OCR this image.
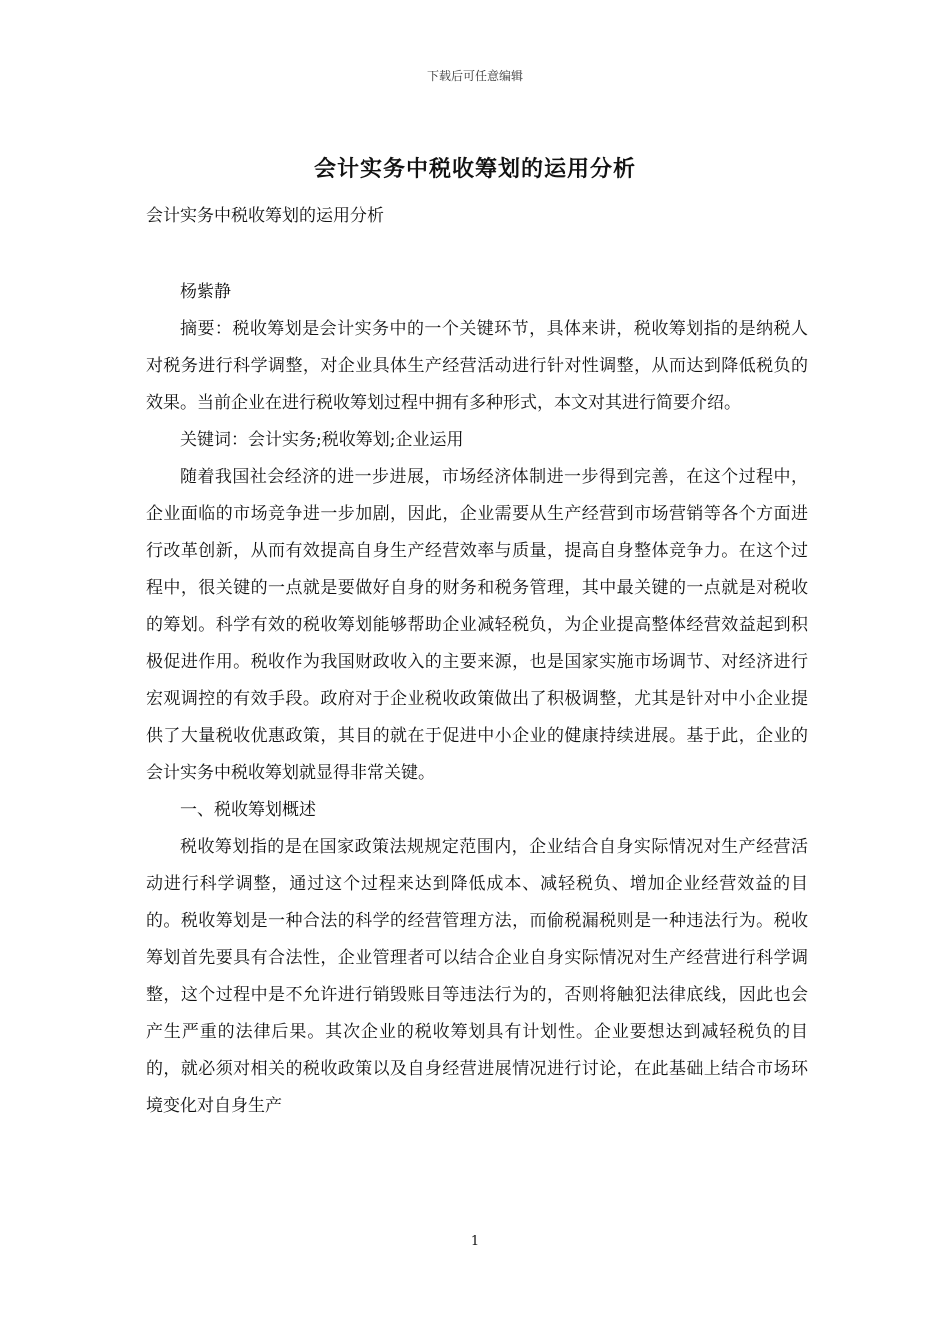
下载后可任意编辑
会计实务中税收筹划的运用分析
会计实务中税收筹划的运用分析

杨紫静

摘要：税收筹划是会计实务中的一个关键环节，具体来讲，税收筹划指的是纳税人对税务进行科学调整，对企业具体生产经营活动进行针对性调整，从而达到降低税负的效果。当前企业在进行税收筹划过程中拥有多种形式，本文对其进行简要介绍。

关键词：会计实务;税收筹划;企业运用

随着我国社会经济的进一步进展，市场经济体制进一步得到完善，在这个过程中，企业面临的市场竞争进一步加剧，因此，企业需要从生产经营到市场营销等各个方面进行改革创新，从而有效提高自身生产经营效率与质量，提高自身整体竞争力。在这个过程中，很关键的一点就是要做好自身的财务和税务管理，其中最关键的一点就是对税收的筹划。科学有效的税收筹划能够帮助企业减轻税负，为企业提高整体经营效益起到积极促进作用。税收作为我国财政收入的主要来源，也是国家实施市场调节、对经济进行宏观调控的有效手段。政府对于企业税收政策做出了积极调整，尤其是针对中小企业提供了大量税收优惠政策，其目的就在于促进中小企业的健康持续进展。基于此，企业的会计实务中税收筹划就显得非常关键。

一、税收筹划概述

税收筹划指的是在国家政策法规规定范围内，企业结合自身实际情况对生产经营活动进行科学调整，通过这个过程来达到降低成本、减轻税负、增加企业经营效益的目的。税收筹划是一种合法的科学的经营管理方法，而偷税漏税则是一种违法行为。税收筹划首先要具有合法性，企业管理者可以结合企业自身实际情况对生产经营进行科学调整，这个过程中是不允许进行销毁账目等违法行为的，否则将触犯法律底线，因此也会产生严重的法律后果。其次企业的税收筹划具有计划性。企业要想达到减轻税负的目的，就必须对相关的税收政策以及自身经营进展情况进行讨论，在此基础上结合市场环境变化对自身生产

1
